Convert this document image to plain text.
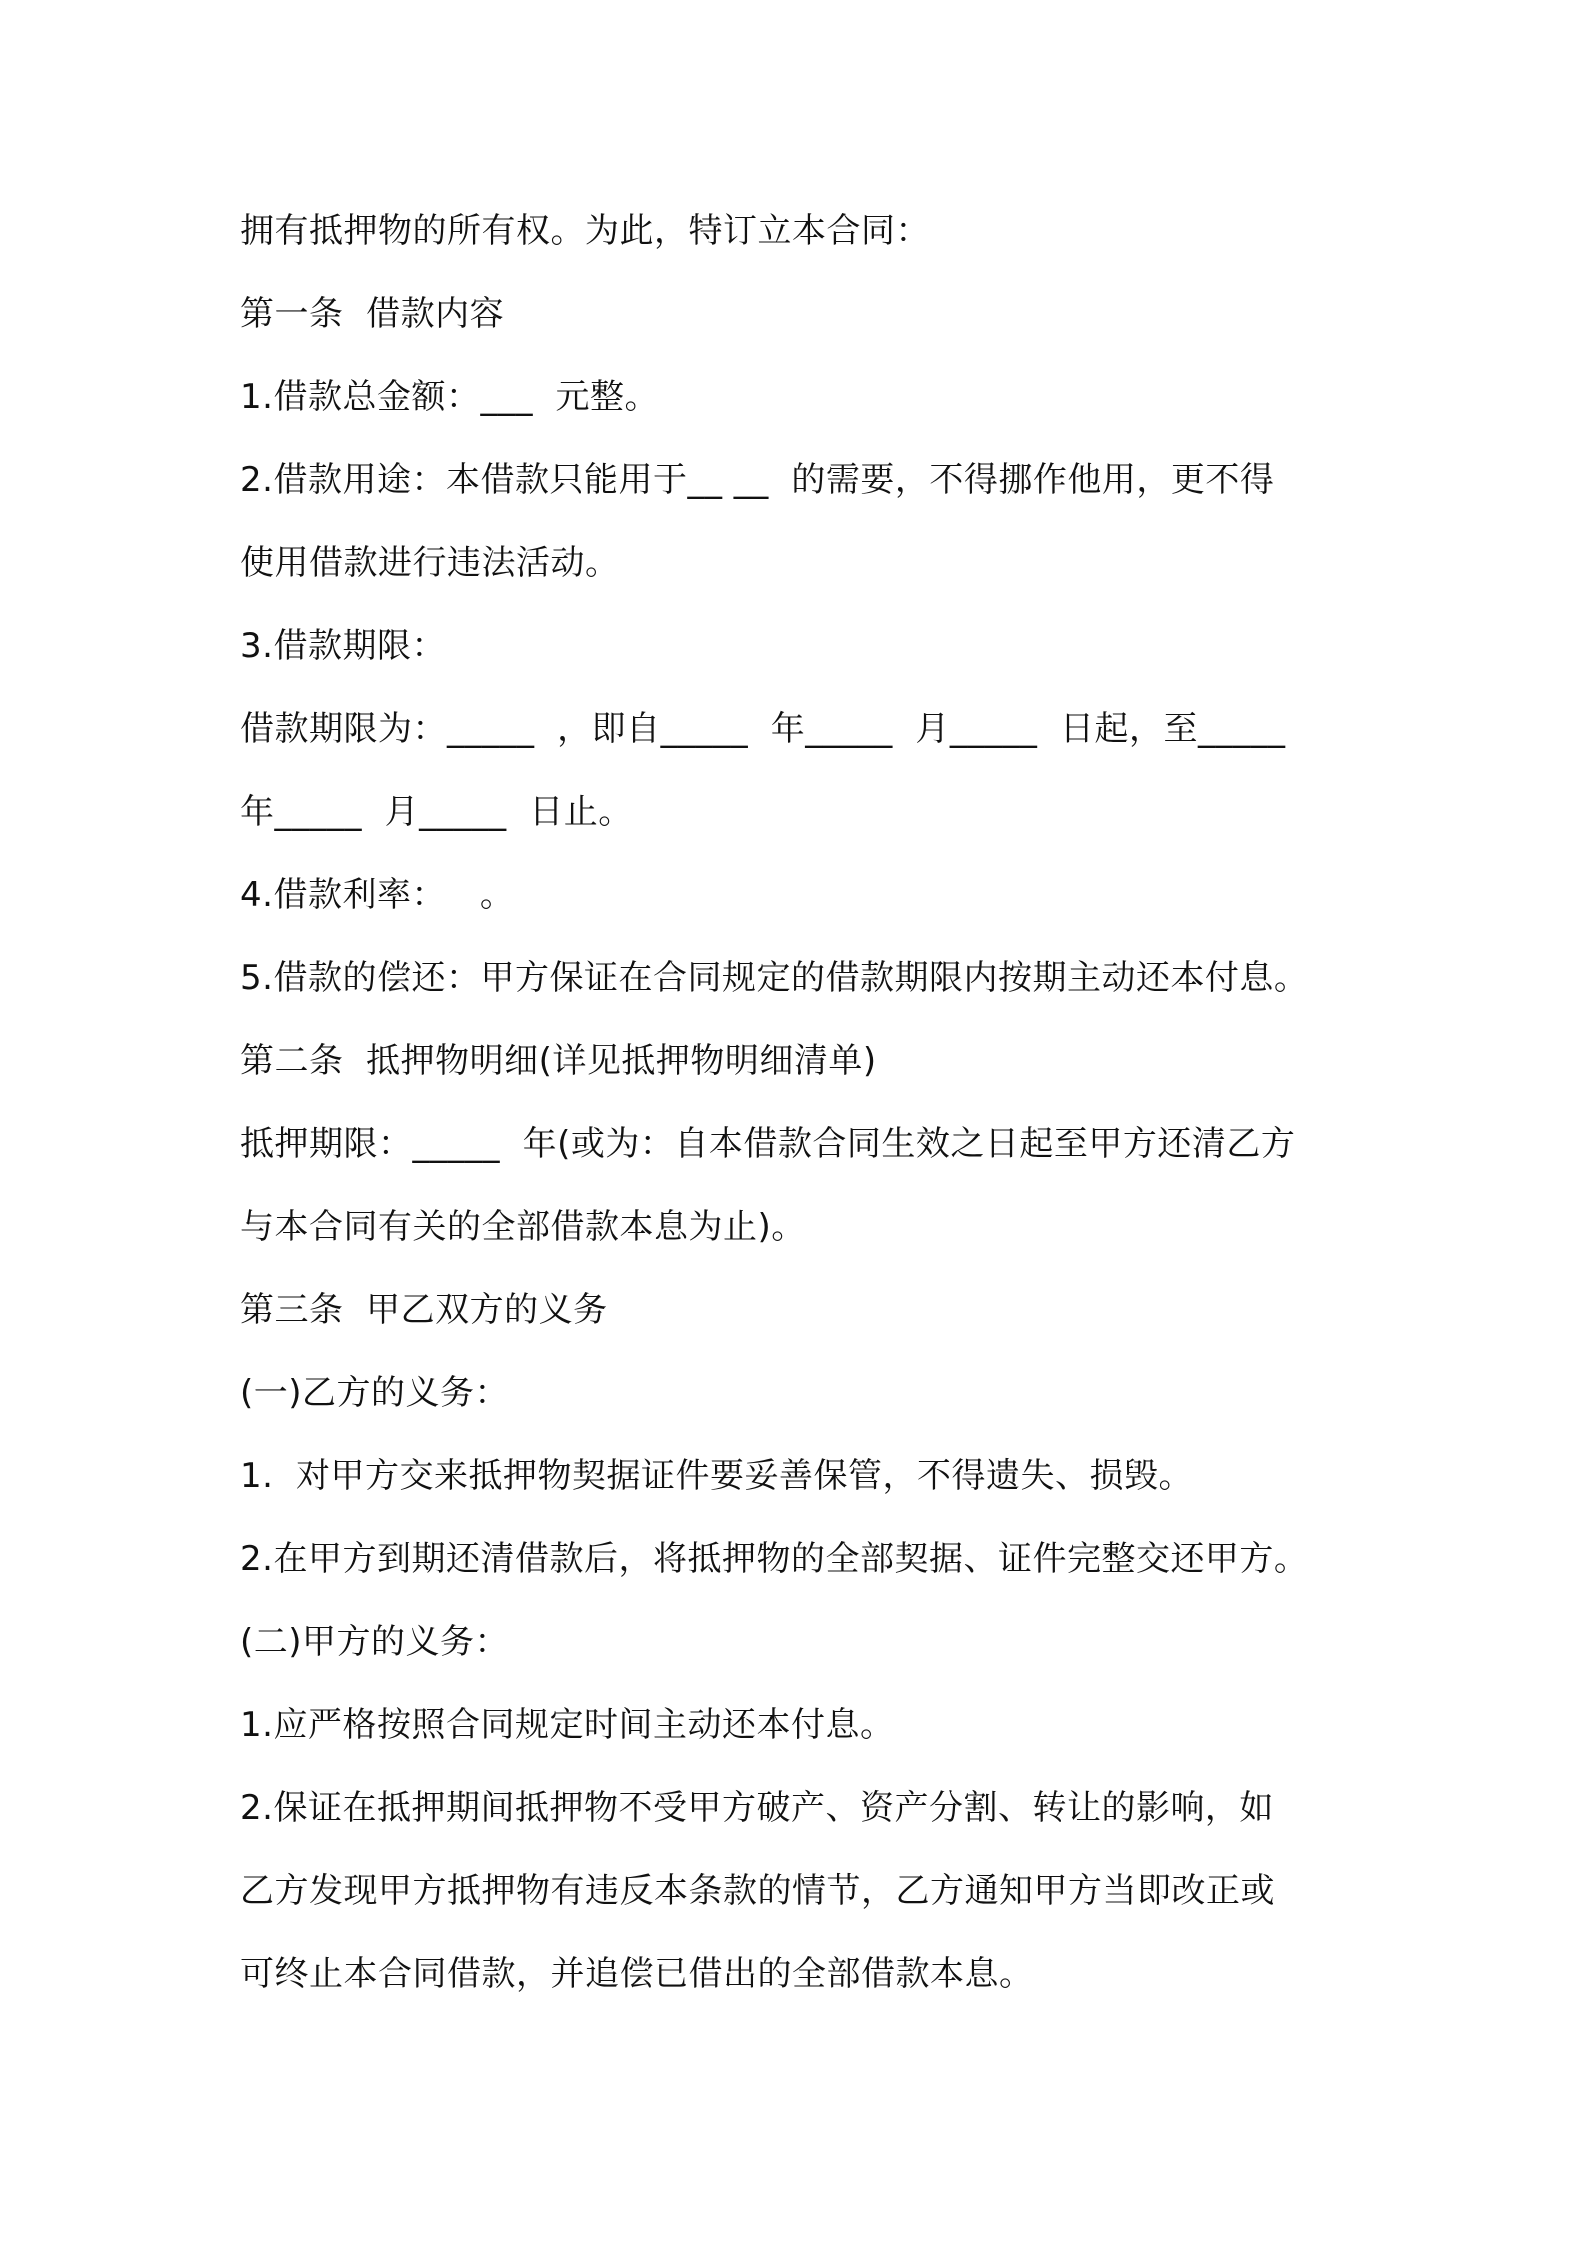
拥有抵押物的所有权。为此，特订立本合同：
第一条  借款内容
1.借款总金额：___  元整。
2.借款用途：本借款只能用于__ __  的需要，不得挪作他用，更不得
使用借款进行违法活动。
3.借款期限：
借款期限为：_____  ，即自_____  年_____  月_____  日起，至_____
年_____  月_____  日止。
4.借款利率：   。
5.借款的偿还：甲方保证在合同规定的借款期限内按期主动还本付息。
第二条  抵押物明细(详见抵押物明细清单)
抵押期限：_____  年(或为：自本借款合同生效之日起至甲方还清乙方
与本合同有关的全部借款本息为止)。
第三条  甲乙双方的义务
(一)乙方的义务：
1.  对甲方交来抵押物契据证件要妥善保管，不得遗失、损毁。
2.在甲方到期还清借款后，将抵押物的全部契据、证件完整交还甲方。
(二)甲方的义务：
1.应严格按照合同规定时间主动还本付息。
2.保证在抵押期间抵押物不受甲方破产、资产分割、转让的影响，如
乙方发现甲方抵押物有违反本条款的情节，乙方通知甲方当即改正或
可终止本合同借款，并追偿已借出的全部借款本息。
